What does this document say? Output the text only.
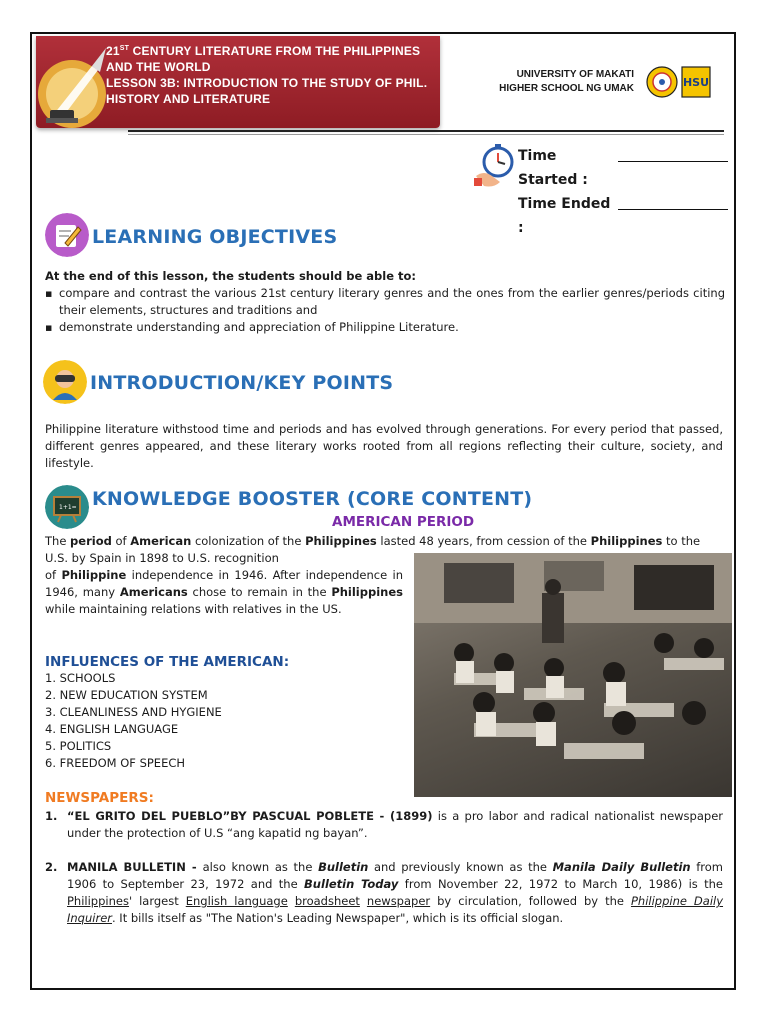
21ST CENTURY LITERATURE FROM THE PHILIPPINES
AND THE WORLD
LESSON 3B: INTRODUCTION TO THE STUDY OF PHIL.
HISTORY AND LITERATURE
UNIVERSITY OF MAKATI
HIGHER SCHOOL NG UMAK	HSU
Time Started :
Time Ended :
LEARNING OBJECTIVES
At the end of this lesson, the students should be able to:
▪ compare and contrast the various 21st century literary genres and the ones from the earlier genres/periods citing their elements, structures and traditions and
▪ demonstrate understanding and appreciation of Philippine Literature.
INTRODUCTION/KEY POINTS
Philippine literature withstood time and periods and has evolved through generations. For every period that passed, different genres appeared, and these literary works rooted from all regions reflecting their culture, society, and lifestyle.
1+1= KNOWLEDGE BOOSTER (CORE CONTENT)
AMERICAN PERIOD
The period of American colonization of the Philippines lasted 48 years, from cession of the Philippines to the
U.S. by Spain in 1898 to U.S. recognition
of Philippine independence in 1946. After independence in 1946, many Americans chose to remain in the Philippines while maintaining relations with relatives in the US.
INFLUENCES OF THE AMERICAN:
1. SCHOOLS
2. NEW EDUCATION SYSTEM
3. CLEANLINESS AND HYGIENE
4. ENGLISH LANGUAGE
5. POLITICS
6. FREEDOM OF SPEECH
NEWSPAPERS:
1. “EL GRITO DEL PUEBLO”BY PASCUAL POBLETE - (1899) is a pro labor and radical nationalist newspaper under the protection of U.S “ang kapatid ng bayan”.
2. MANILA BULLETIN - also known as the Bulletin and previously known as the Manila Daily Bulletin from 1906 to September 23, 1972 and the Bulletin Today from November 22, 1972 to March 10, 1986) is the Philippines' largest English language broadsheet newspaper by circulation, followed by the Philippine Daily Inquirer. It bills itself as "The Nation's Leading Newspaper", which is its official slogan.
